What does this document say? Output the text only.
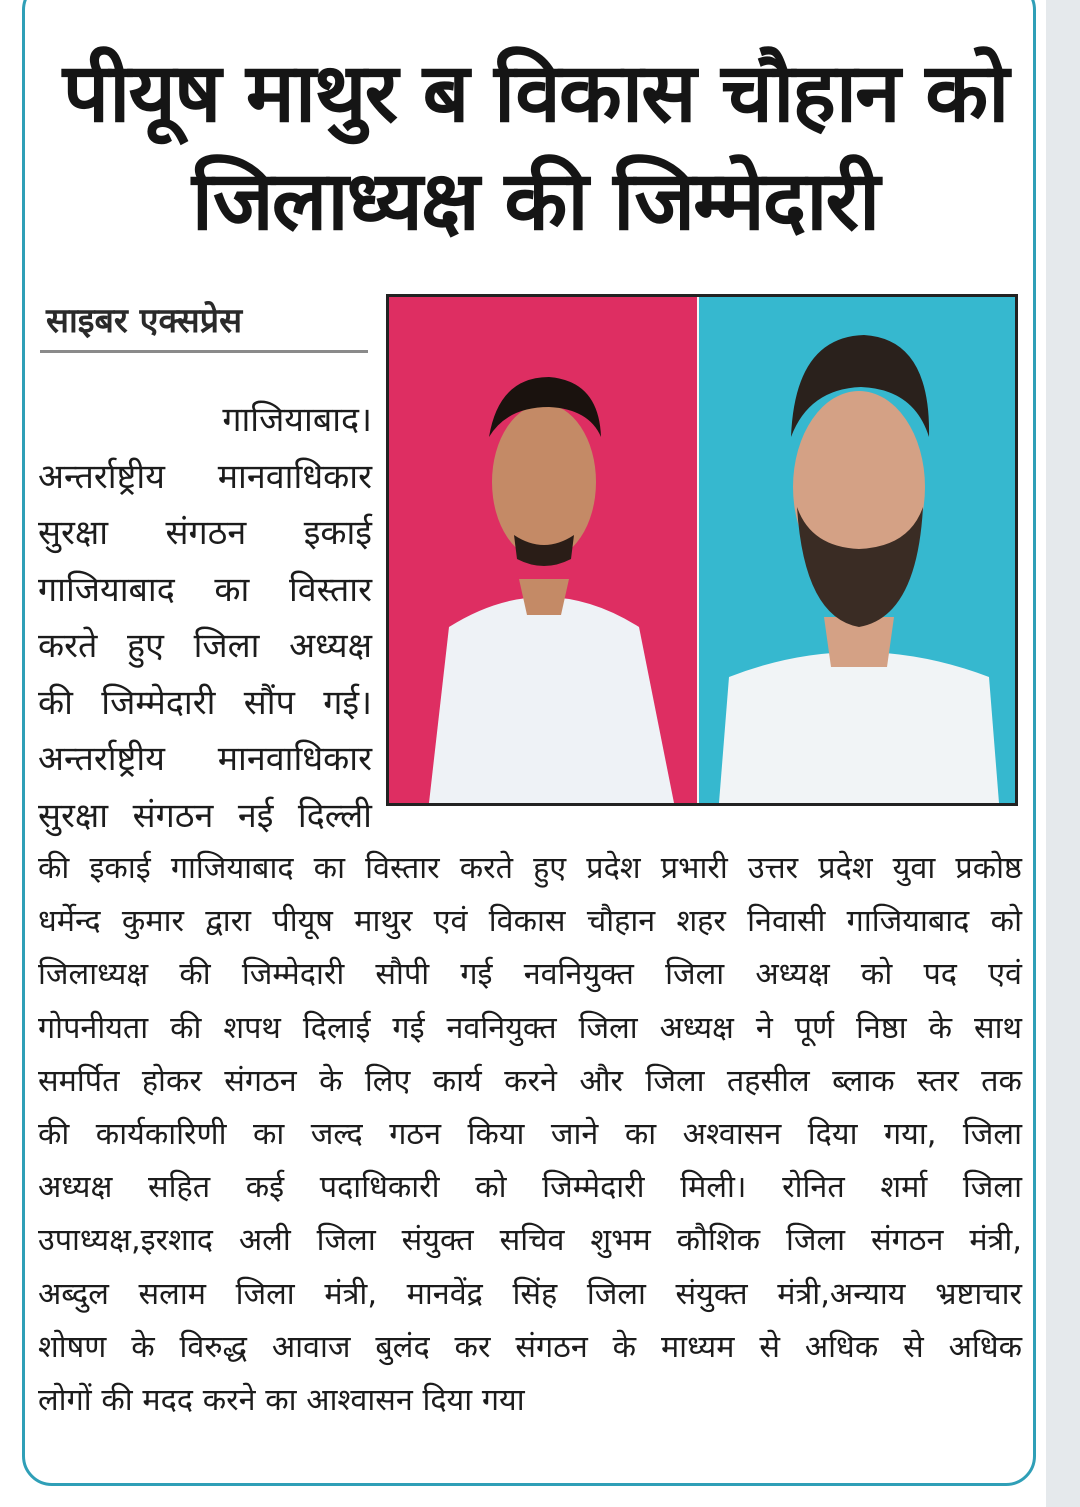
पीयूष माथुर ब विकास चौहान को
जिलाध्यक्ष की जिम्मेदारी
साइबर एक्सप्रेस
गाजियाबाद।
अन्तर्राष्ट्रीय मानवाधिकार
सुरक्षा संगठन इकाई
गाजियाबाद का विस्तार
करते हुए जिला अध्यक्ष
की जिम्मेदारी सौंप गई।
अन्तर्राष्ट्रीय मानवाधिकार
सुरक्षा संगठन नई दिल्ली
की इकाई गाजियाबाद का विस्तार करते हुए प्रदेश प्रभारी उत्तर प्रदेश युवा प्रकोष्ठ
धर्मेन्द कुमार द्वारा पीयूष माथुर एवं विकास चौहान शहर निवासी गाजियाबाद को
जिलाध्यक्ष की जिम्मेदारी सौपी गई नवनियुक्त जिला अध्यक्ष को पद एवं
गोपनीयता की शपथ दिलाई गई नवनियुक्त जिला अध्यक्ष ने पूर्ण निष्ठा के साथ
समर्पित होकर संगठन के लिए कार्य करने और जिला तहसील ब्लाक स्तर तक
की कार्यकारिणी का जल्द गठन किया जाने का अश्वासन दिया गया, जिला
अध्यक्ष सहित कई पदाधिकारी को जिम्मेदारी मिली। रोनित शर्मा जिला
उपाध्यक्ष,इरशाद अली जिला संयुक्त सचिव शुभम कौशिक जिला संगठन मंत्री,
अब्दुल सलाम जिला मंत्री, मानवेंद्र सिंह जिला संयुक्त मंत्री,अन्याय भ्रष्टाचार
शोषण के विरुद्ध आवाज बुलंद कर संगठन के माध्यम से अधिक से अधिक
लोगों की मदद करने का आश्वासन दिया गया
